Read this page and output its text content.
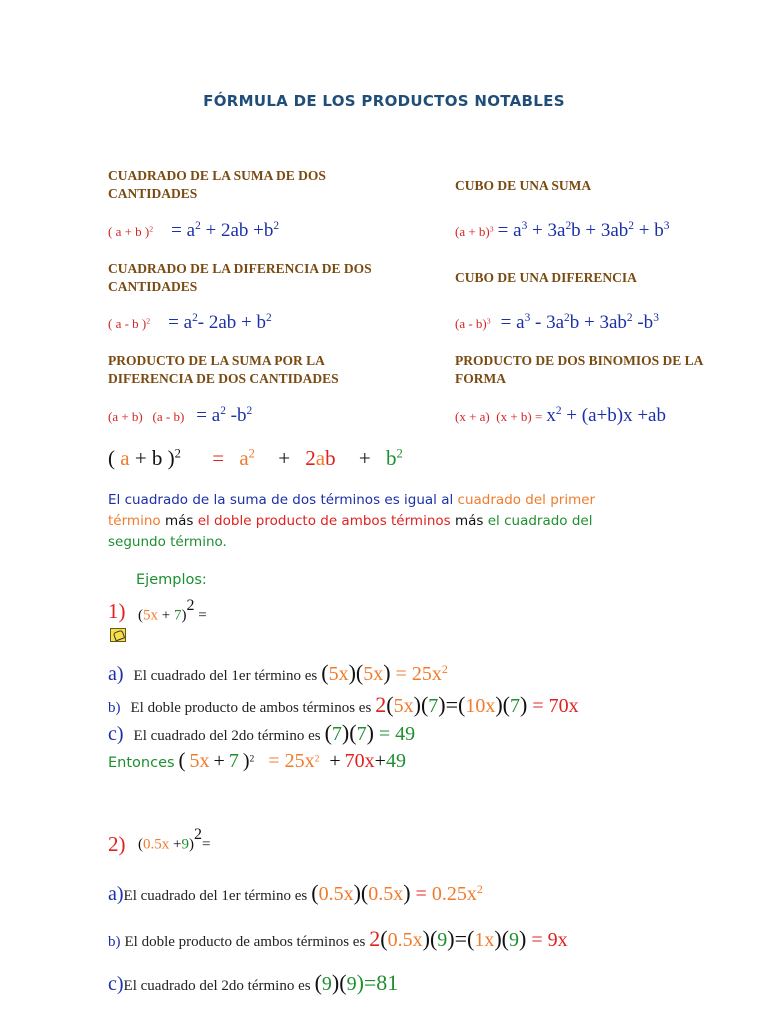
FÓRMULA DE LOS PRODUCTOS NOTABLES
CUADRADO DE LA SUMA DE DOS CANTIDADES
CUBO DE UNA SUMA
( a + b )$^2 = a^2 + 2ab +b^2$	$(a + b)^3 = a^3 + 3a^2b + 3ab^2 + b^3$
CUADRADO DE LA DIFERENCIA DE DOS CANTIDADES
CUBO DE UNA DIFERENCIA
( a - b )$^2 = a^2-$ $2ab + b^2$	$(a - b)^3 = a^3 - 3a^2b + 3ab^2$ $-b^3$
PRODUCTO DE LA SUMA POR LA DIFERENCIA DE DOS CANTIDADES
PRODUCTO DE DOS BINOMIOS DE LA FORMA
(a + b)   $(a - b) = a^2$ $-b^2$	(x + a)  $(x + b) = x^2 + (a+b)x +ab$
( a + b )$^2 = a^2 + 2ab + b^2$
El cuadrado de la suma de dos términos es igual al cuadrado del primer término más el doble producto de ambos términos más el cuadrado del segundo término.
Ejemplos:
1) $(5x + 7)^2$ =
a) El cuadrado del 1er término es $(5x)(5x) = 25x^2$
b) El doble producto de ambos términos es 2(5x)(7)=(10x)(7) = 70x
c) El cuadrado del 2do término es (7)(7) = 49
Entonces ( 5x + 7 )$^2 = 25x^2 + 70x+49$
2) $(0.5x +9)^2=$
a)El cuadrado del 1er término es $(0.5x)(0.5x) = 0.25x^2$
b) El doble producto de ambos términos es 2(0.5x)(9)=(1x)(9) = 9x
c)El cuadrado del 2do término es (9)(9)=81
